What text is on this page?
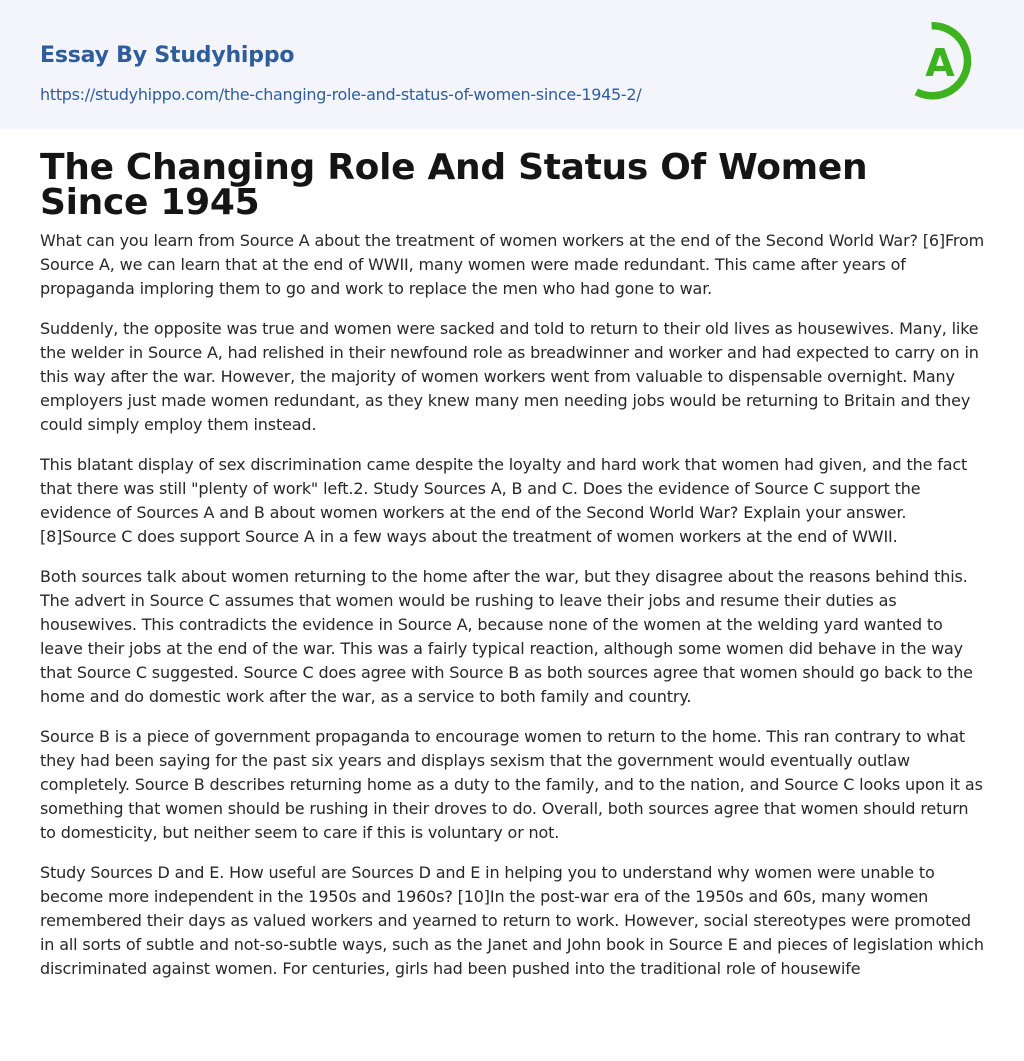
Essay By Studyhippo
https://studyhippo.com/the-changing-role-and-status-of-women-since-1945-2/
A
The Changing Role And Status Of Women Since 1945

What can you learn from Source A about the treatment of women workers at the end of the Second World War? [6]From Source A, we can learn that at the end of WWII, many women were made redundant. This came after years of propaganda imploring them to go and work to replace the men who had gone to war.

Suddenly, the opposite was true and women were sacked and told to return to their old lives as housewives. Many, like the welder in Source A, had relished in their newfound role as breadwinner and worker and had expected to carry on in this way after the war. However, the majority of women workers went from valuable to dispensable overnight. Many employers just made women redundant, as they knew many men needing jobs would be returning to Britain and they could simply employ them instead.

This blatant display of sex discrimination came despite the loyalty and hard work that women had given, and the fact that there was still "plenty of work" left.2. Study Sources A, B and C. Does the evidence of Source C support the evidence of Sources A and B about women workers at the end of the Second World War? Explain your answer. [8]Source C does support Source A in a few ways about the treatment of women workers at the end of WWII.

Both sources talk about women returning to the home after the war, but they disagree about the reasons behind this. The advert in Source C assumes that women would be rushing to leave their jobs and resume their duties as housewives. This contradicts the evidence in Source A, because none of the women at the welding yard wanted to leave their jobs at the end of the war. This was a fairly typical reaction, although some women did behave in the way that Source C suggested. Source C does agree with Source B as both sources agree that women should go back to the home and do domestic work after the war, as a service to both family and country.

Source B is a piece of government propaganda to encourage women to return to the home. This ran contrary to what they had been saying for the past six years and displays sexism that the government would eventually outlaw completely. Source B describes returning home as a duty to the family, and to the nation, and Source C looks upon it as something that women should be rushing in their droves to do. Overall, both sources agree that women should return to domesticity, but neither seem to care if this is voluntary or not.

Study Sources D and E. How useful are Sources D and E in helping you to understand why women were unable to become more independent in the 1950s and 1960s? [10]In the post-war era of the 1950s and 60s, many women remembered their days as valued workers and yearned to return to work. However, social stereotypes were promoted in all sorts of subtle and not-so-subtle ways, such as the Janet and John book in Source E and pieces of legislation which discriminated against women. For centuries, girls had been pushed into the traditional role of housewife
